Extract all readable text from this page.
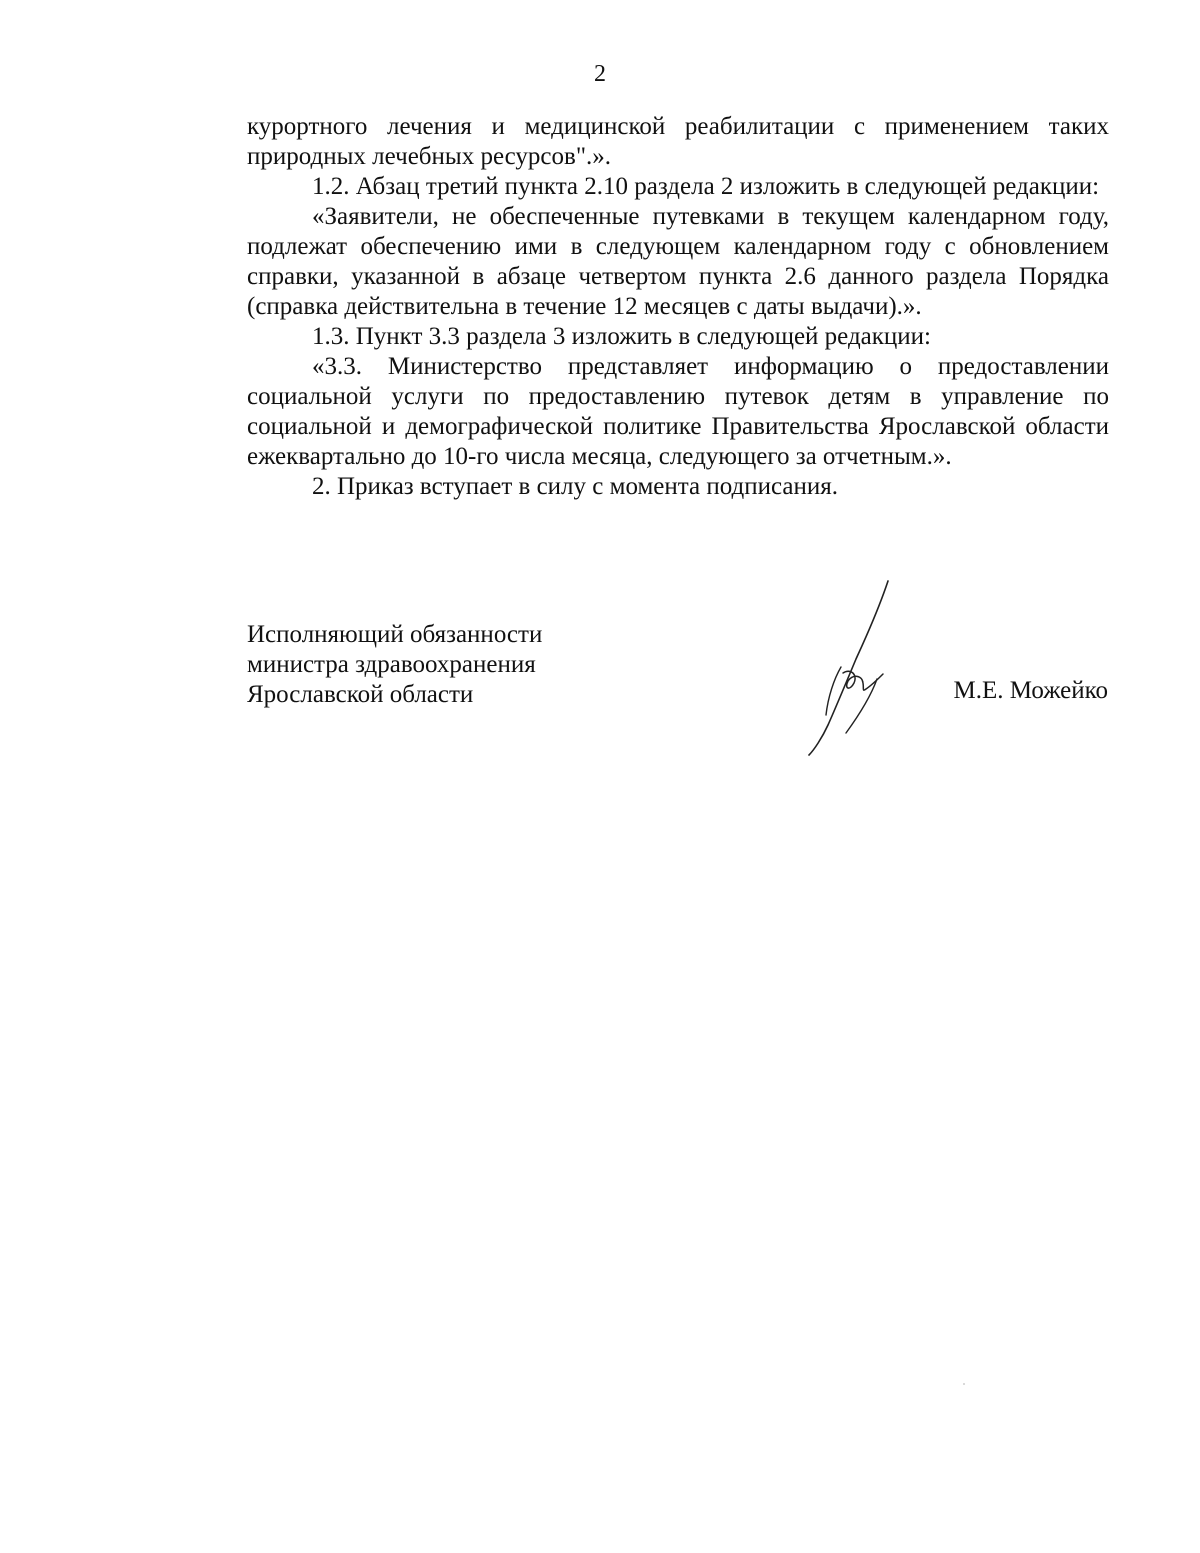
2

курортного лечения и медицинской реабилитации с применением таких природных лечебных ресурсов".».

1.2. Абзац третий пункта 2.10 раздела 2 изложить в следующей редакции:

«Заявители, не обеспеченные путевками в текущем календарном году, подлежат обеспечению ими в следующем календарном году с обновлением справки, указанной в абзаце четвертом пункта 2.6 данного раздела Порядка (справка действительна в течение 12 месяцев с даты выдачи).».

1.3. Пункт 3.3 раздела 3 изложить в следующей редакции:

«3.3. Министерство представляет информацию о предоставлении социальной услуги по предоставлению путевок детям в управление по социальной и демографической политике Правительства Ярославской области ежеквартально до 10-го числа месяца, следующего за отчетным.».

2. Приказ вступает в силу с момента подписания.

Исполняющий обязанности
министра здравоохранения
Ярославской области	М.Е. Можейко
